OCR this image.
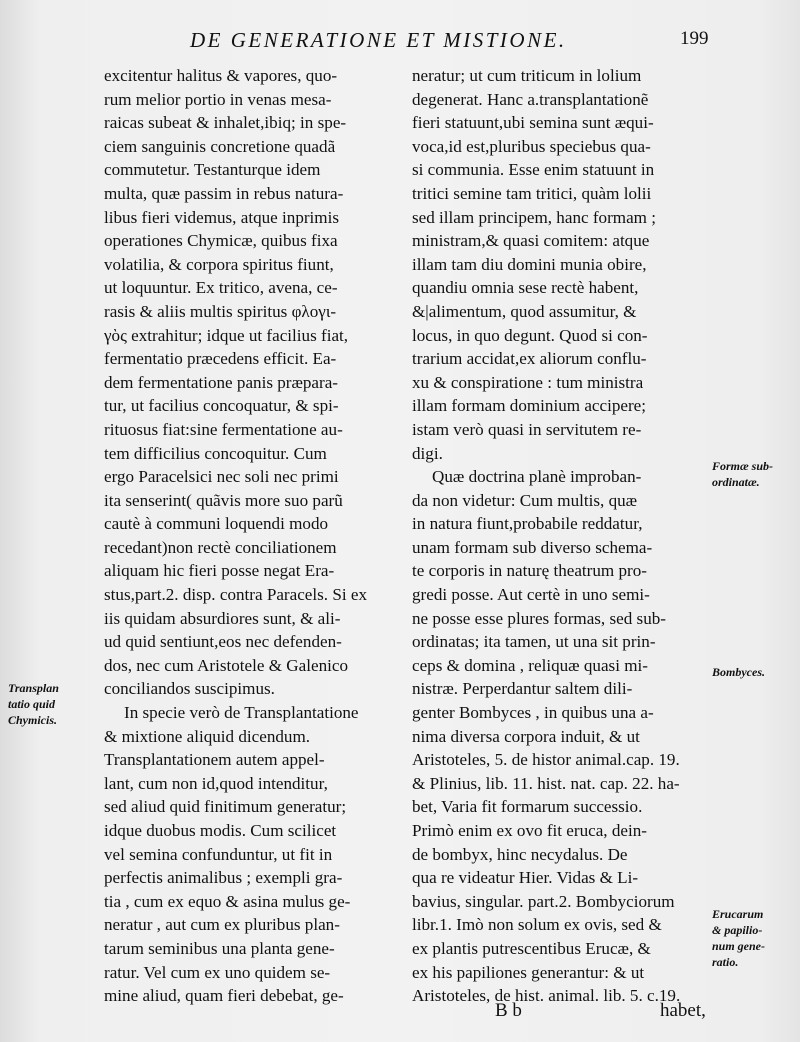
DE GENERATIONE ET MISTIONE.	199
excitentur halitus & vapores, quo-
rum melior portio in venas mesa-
raicas subeat & inhalet,ibiq; in spe-
ciem sanguinis concretione quadã
commutetur. Testanturque idem
multa, quæ passim in rebus natura-
libus fieri videmus, atque inprimis
operationes Chymicæ, quibus fixa
volatilia, & corpora spiritus fiunt,
ut loquuntur. Ex tritico, avena, ce-
rasis & aliis multis spiritus φλογι-
γὸς extrahitur; idque ut facilius fiat,
fermentatio præcedens efficit. Ea-
dem fermentatione panis præpara-
tur, ut facilius concoquatur, & spi-
rituosus fiat:sine fermentatione au-
tem difficilius concoquitur. Cum
ergo Paracelsici nec soli nec primi
ita senserint( quãvis more suo parũ
cautè à communi loquendi modo
recedant)non rectè conciliationem
aliquam hic fieri posse negat Era-
stus,part.2. disp. contra Paracels. Si ex
iis quidam absurdiores sunt, & ali-
ud quid sentiunt,eos nec defenden-
dos, nec cum Aristotele & Galenico
conciliandos suscipimus.
In specie verò de Transplantatione
& mixtione aliquid dicendum.
Transplantationem autem appel-
lant, cum non id,quod intenditur,
sed aliud quid finitimum generatur;
idque duobus modis. Cum scilicet
vel semina confunduntur, ut fit in
perfectis animalibus ; exempli gra-
tia , cum ex equo & asina mulus ge-
neratur , aut cum ex pluribus plan-
tarum seminibus una planta gene-
ratur. Vel cum ex uno quidem se-
mine aliud, quam fieri debebat, ge-
neratur; ut cum triticum in lolium
degenerat. Hanc a.transplantationẽ
fieri statuunt,ubi semina sunt æqui-
voca,id est,pluribus speciebus qua-
si communia. Esse enim statuunt in
tritici semine tam tritici, quàm lolii
sed illam principem, hanc formam ;
ministram,& quasi comitem: atque
illam tam diu domini munia obire,
quandiu omnia sese rectè habent,
&|alimentum, quod assumitur, &
locus, in quo degunt. Quod si con-
trarium accidat,ex aliorum conflu-
xu & conspiratione : tum ministra
illam formam dominium accipere;
istam verò quasi in servitutem re-
digi.
Quæ doctrina planè improban-
da non videtur: Cum multis, quæ
in natura fiunt,probabile reddatur,
unam formam sub diverso schema-
te corporis in naturę theatrum pro-
gredi posse. Aut certè in uno semi-
ne posse esse plures formas, sed sub-
ordinatas; ita tamen, ut una sit prin-
ceps & domina , reliquæ quasi mi-
nistræ. Perperdantur saltem dili-
genter Bombyces , in quibus una a-
nima diversa corpora induit, & ut
Aristoteles, 5. de histor animal.cap. 19.
& Plinius, lib. 11. hist. nat. cap. 22. ha-
bet, Varia fit formarum successio.
Primò enim ex ovo fit eruca, dein-
de bombyx, hinc necydalus. De
qua re videatur Hier. Vidas & Li-
bavius, singular. part.2. Bombyciorum
libr.1. Imò non solum ex ovis, sed &
ex plantis putrescentibus Erucæ, &
ex his papiliones generantur: & ut
Aristoteles, de hist. animal. lib. 5. c.19.
Transplan
tatio quid
Chymicis.
Formæ sub-
ordinatæ.
Bombyces.
Erucarum
& papilio-
num gene-
ratio.
B b	habet,
